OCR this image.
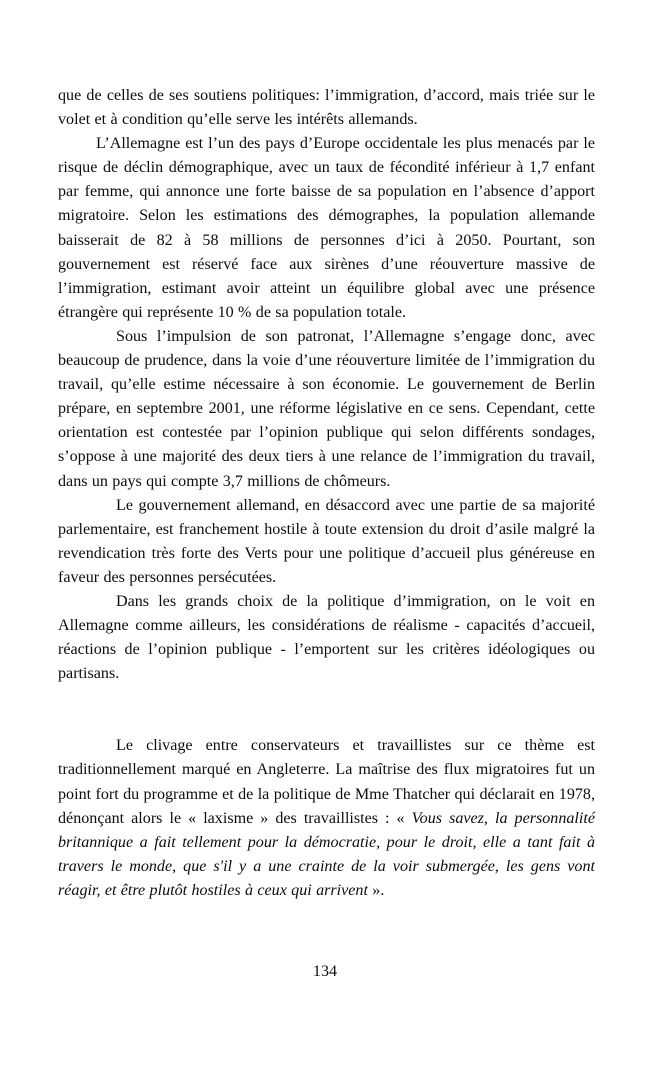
que de celles de ses soutiens politiques: l’immigration, d’accord, mais triée sur le volet et à condition qu’elle serve les intérêts allemands.

L’Allemagne est l’un des pays d’Europe occidentale les plus menacés par le risque de déclin démographique, avec un taux de fécondité inférieur à 1,7 enfant par femme, qui annonce une forte baisse de sa population en l’absence d’apport migratoire. Selon les estimations des démographes, la population allemande baisserait de 82 à 58 millions de personnes d’ici à 2050. Pourtant, son gouvernement est réservé face aux sirènes d’une réouverture massive de l’immigration, estimant avoir atteint un équilibre global avec une présence étrangère qui représente 10 % de sa population totale.

Sous l’impulsion de son patronat, l’Allemagne s’engage donc, avec beaucoup de prudence, dans la voie d’une réouverture limitée de l’immigration du travail, qu’elle estime nécessaire à son économie. Le gouvernement de Berlin prépare, en septembre 2001, une réforme législative en ce sens. Cependant, cette orientation est contestée par l’opinion publique qui selon différents sondages, s’oppose à une majorité des deux tiers à une relance de l’immigration du travail, dans un pays qui compte 3,7 millions de chômeurs.

Le gouvernement allemand, en désaccord avec une partie de sa majorité parlementaire, est franchement hostile à toute extension du droit d’asile malgré la revendication très forte des Verts pour une politique d’accueil plus généreuse en faveur des personnes persécutées.

Dans les grands choix de la politique d’immigration, on le voit en Allemagne comme ailleurs, les considérations de réalisme - capacités d’accueil, réactions de l’opinion publique - l’emportent sur les critères idéologiques ou partisans.

Le clivage entre conservateurs et travaillistes sur ce thème est traditionnellement marqué en Angleterre. La maîtrise des flux migratoires fut un point fort du programme et de la politique de Mme Thatcher qui déclarait en 1978, dénonçant alors le « laxisme » des travaillistes : « Vous savez, la personnalité britannique a fait tellement pour la démocratie, pour le droit, elle a tant fait à travers le monde, que s'il y a une crainte de la voir submergée, les gens vont réagir, et être plutôt hostiles à ceux qui arrivent ».

134
